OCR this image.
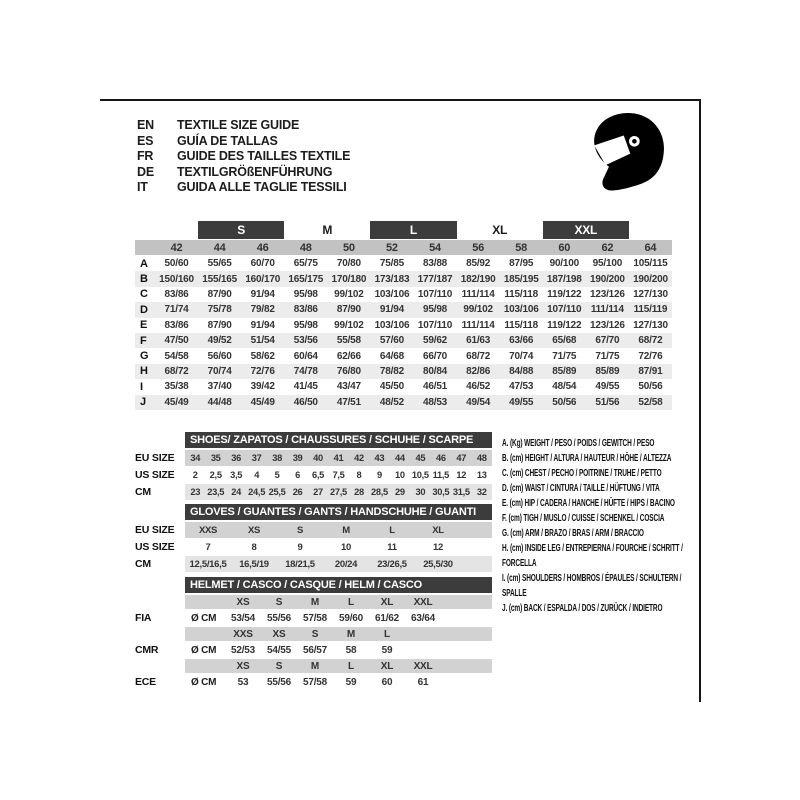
EN	TEXTILE SIZE GUIDE
ES	GUÍA DE TALLAS
FR	GUIDE DES TAILLES TEXTILE
DE	TEXTILGRÖßENFÜHRUNG
IT	GUIDA ALLE TAGLIE TESSILI
S	M	L	XL	XXL
42	44	46	48	50	52	54	56	58	60	62	64
A	50/60	55/65	60/70	65/75	70/80	75/85	83/88	85/92	87/95	90/100	95/100	105/115
B	150/160 155/165 160/170 165/175 170/180 173/183 177/187 182/190 185/195 187/198 190/200 190/200
C	83/86	87/90	91/94	95/98	99/102	103/106 107/110 111/114 115/118 119/122 123/126 127/130
D	71/74	75/78	79/82	83/86	87/90	91/94	95/98	99/102	103/106 107/110 111/114 115/119
E	83/86	87/90	91/94	95/98	99/102	103/106 107/110 111/114 115/118 119/122 123/126 127/130
F	47/50	49/52	51/54	53/56	55/58	57/60	59/62	61/63	63/66	65/68	67/70	68/72
G	54/58	56/60	58/62	60/64	62/66	64/68	66/70	68/72	70/74	71/75	71/75	72/76
H	68/72	70/74	72/76	74/78	76/80	78/82	80/84	82/86	84/88	85/89	85/89	87/91
I	35/38	37/40	39/42	41/45	43/47	45/50	46/51	46/52	47/53	48/54	49/55	50/56
J	45/49	44/48	45/49	46/50	47/51	48/52	48/53	49/54	49/55	50/56	51/56	52/58
SHOES/ ZAPATOS / CHAUSSURES / SCHUHE / SCARPE
EU SIZE	34	35	36	37	38	39	40	41	42	43	44	45	46	47	48
US SIZE	2	2,5 3,5	4	5	6	6,5 7,5	8	9	10 10,5 11,5 12	13
CM	23 23,5 24 24,5 25,5 26	27 27,5 28 28,5 29	30 30,5 31,5 32
GLOVES / GUANTES / GANTS / HANDSCHUHE / GUANTI
EU SIZE	XXS	XS	S	M	L	XL
US SIZE	7	8	9	10	11	12
CM	12,5/16,5	16,5/19	18/21,5	20/24	23/26,5	25,5/30
HELMET / CASCO / CASQUE / HELM / CASCO
XS	S	M	L	XL	XXL
FIA	Ø CM	53/54	55/56	57/58	59/60	61/62	63/64
XXS	XS	S	M	L
CMR	Ø CM	52/53	54/55	56/57	58	59
XS	S	M	L	XL	XXL
ECE	Ø CM	53	55/56	57/58	59	60	61
A. (Kg) WEIGHT / PESO / POIDS / GEWITCH / PESO
B. (cm) HEIGHT / ALTURA / HAUTEUR / HÖHE / ALTEZZA
C. (cm) CHEST / PECHO / POITRINE / TRUHE / PETTO
D. (cm) WAIST / CINTURA / TAILLE / HÜFTUNG / VITA
E. (cm) HIP / CADERA / HANCHE / HÜFTE / HIPS / BACINO
F. (cm) TIGH / MUSLO / CUISSE / SCHENKEL / COSCIA
G. (cm) ARM / BRAZO / BRAS / ARM / BRACCIO
H. (cm) INSIDE LEG / ENTREPIERNA / FOURCHE / SCHRITT / FORCELLA
I. (cm) SHOULDERS / HOMBROS / ÉPAULES / SCHULTERN / SPALLE
J. (cm) BACK / ESPALDA / DOS / ZURÜCK / INDIETRO
